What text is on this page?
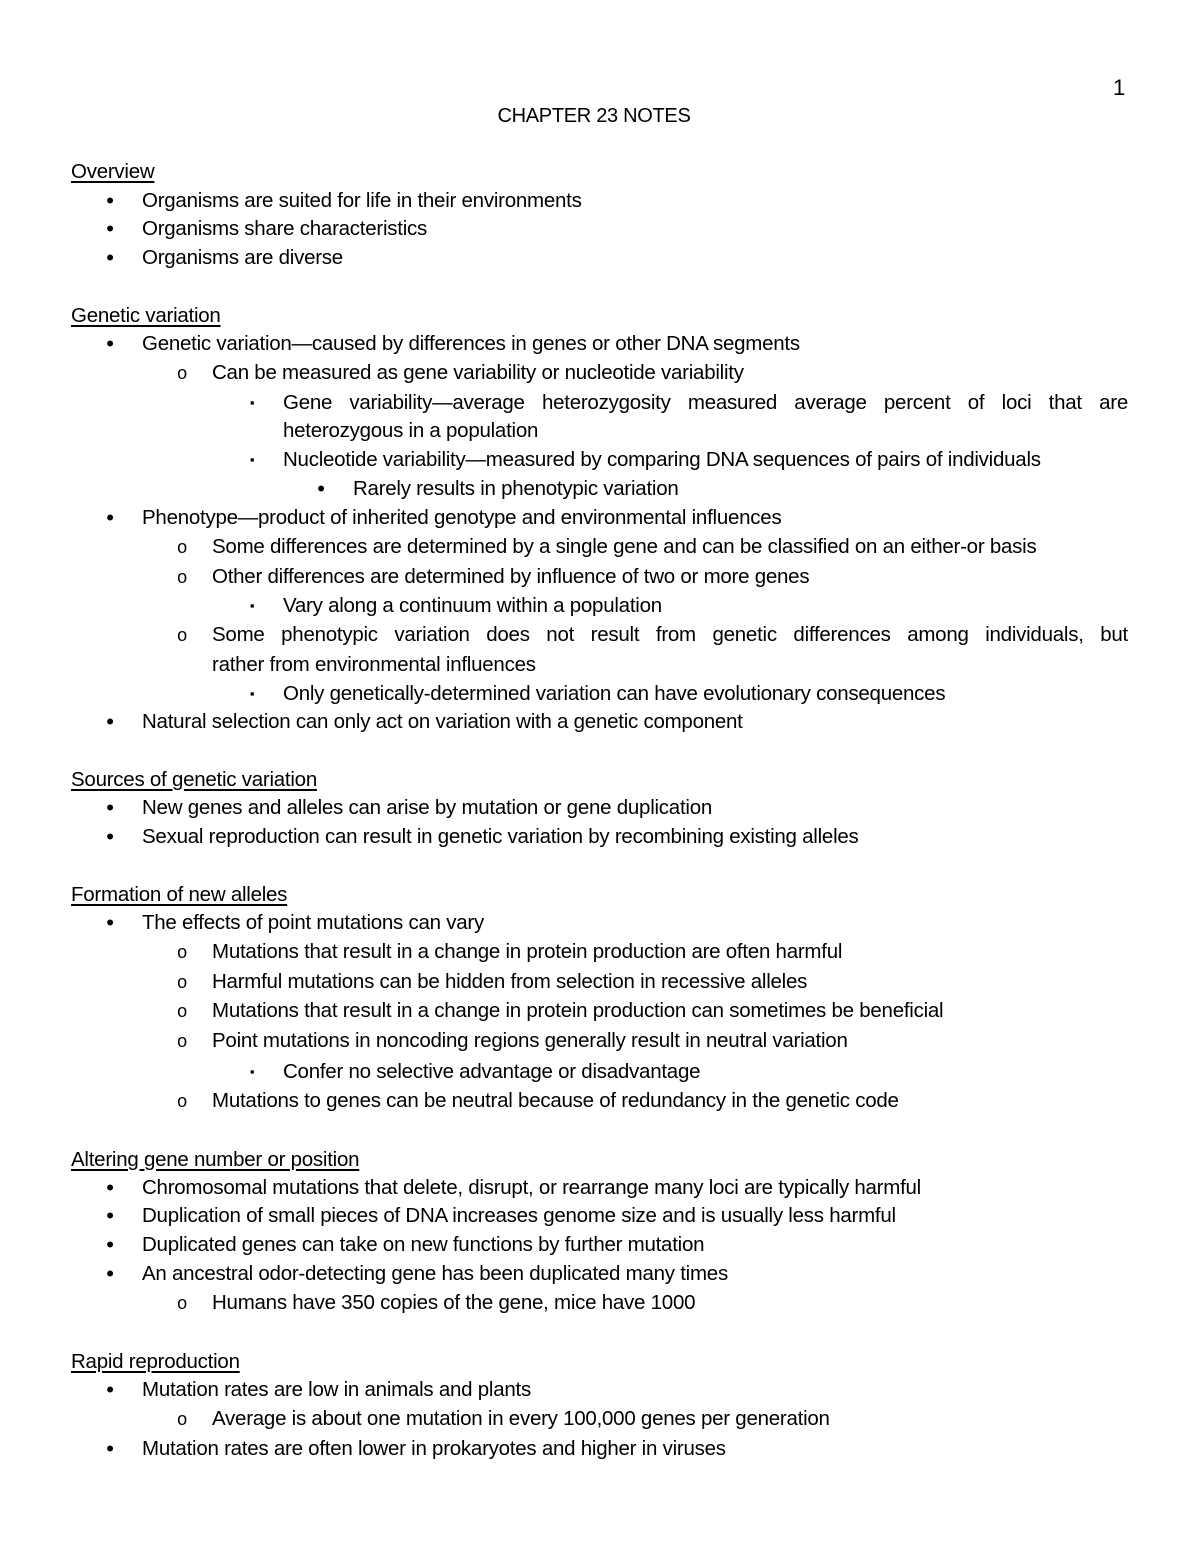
1
CHAPTER 23 NOTES
Overview
•	Organisms are suited for life in their environments
•	Organisms share characteristics
•	Organisms are diverse
Genetic variation
•	Genetic variation—caused by differences in genes or other DNA segments
o Can be measured as gene variability or nucleotide variability
▪	Gene variability—average heterozygosity measured average percent of loci that are
heterozygous in a population
▪	Nucleotide variability—measured by comparing DNA sequences of pairs of individuals
•	Rarely results in phenotypic variation
•	Phenotype—product of inherited genotype and environmental influences
o Some differences are determined by a single gene and can be classified on an either-or basis
o Other differences are determined by influence of two or more genes
▪	Vary along a continuum within a population
o Some phenotypic variation does not result from genetic differences among individuals, but
rather from environmental influences
▪	Only genetically-determined variation can have evolutionary consequences
•	Natural selection can only act on variation with a genetic component
Sources of genetic variation
•	New genes and alleles can arise by mutation or gene duplication
•	Sexual reproduction can result in genetic variation by recombining existing alleles
Formation of new alleles
•	The effects of point mutations can vary
o Mutations that result in a change in protein production are often harmful
o Harmful mutations can be hidden from selection in recessive alleles
o Mutations that result in a change in protein production can sometimes be beneficial
o Point mutations in noncoding regions generally result in neutral variation
▪	Confer no selective advantage or disadvantage
o Mutations to genes can be neutral because of redundancy in the genetic code
Altering gene number or position
•	Chromosomal mutations that delete, disrupt, or rearrange many loci are typically harmful
•	Duplication of small pieces of DNA increases genome size and is usually less harmful
•	Duplicated genes can take on new functions by further mutation
•	An ancestral odor-detecting gene has been duplicated many times
o Humans have 350 copies of the gene, mice have 1000
Rapid reproduction
•	Mutation rates are low in animals and plants
o Average is about one mutation in every 100,000 genes per generation
•	Mutation rates are often lower in prokaryotes and higher in viruses
